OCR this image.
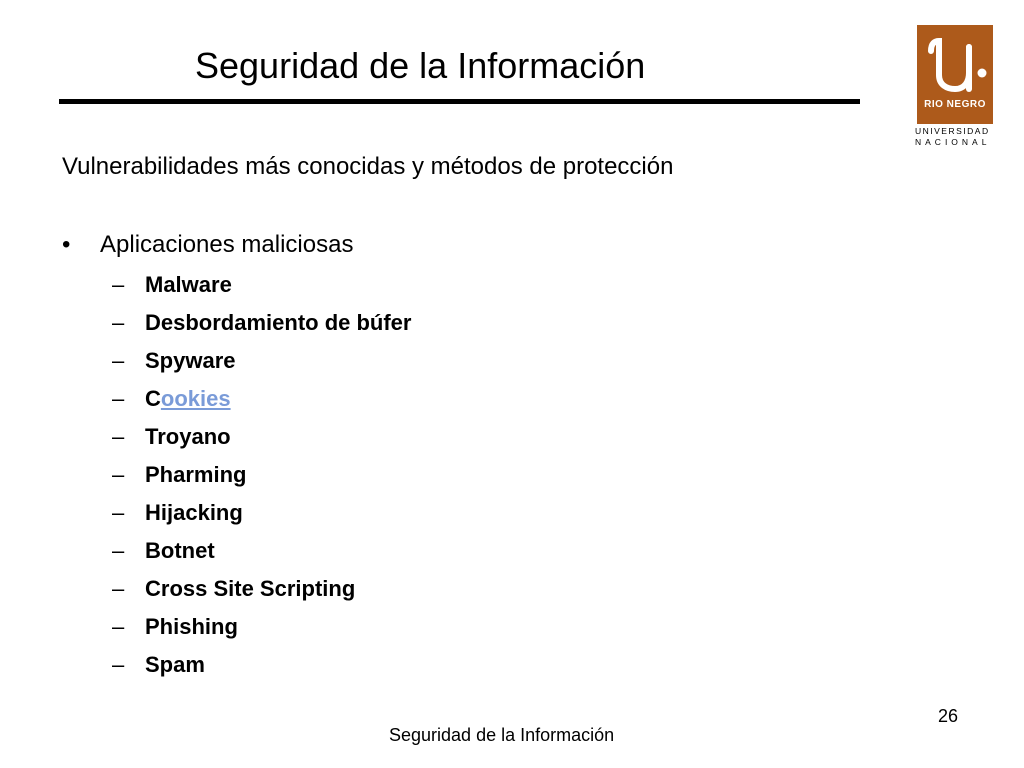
Seguridad de la Información
RIO NEGRO
UNIVERSIDAD
NACIONAL
Vulnerabilidades más conocidas y métodos de protección
•	Aplicaciones maliciosas
– Malware
– Desbordamiento de búfer
– Spyware
– Cookies
– Troyano
– Pharming
– Hijacking
– Botnet
– Cross Site Scripting
– Phishing
– Spam
26
Seguridad de la Información
